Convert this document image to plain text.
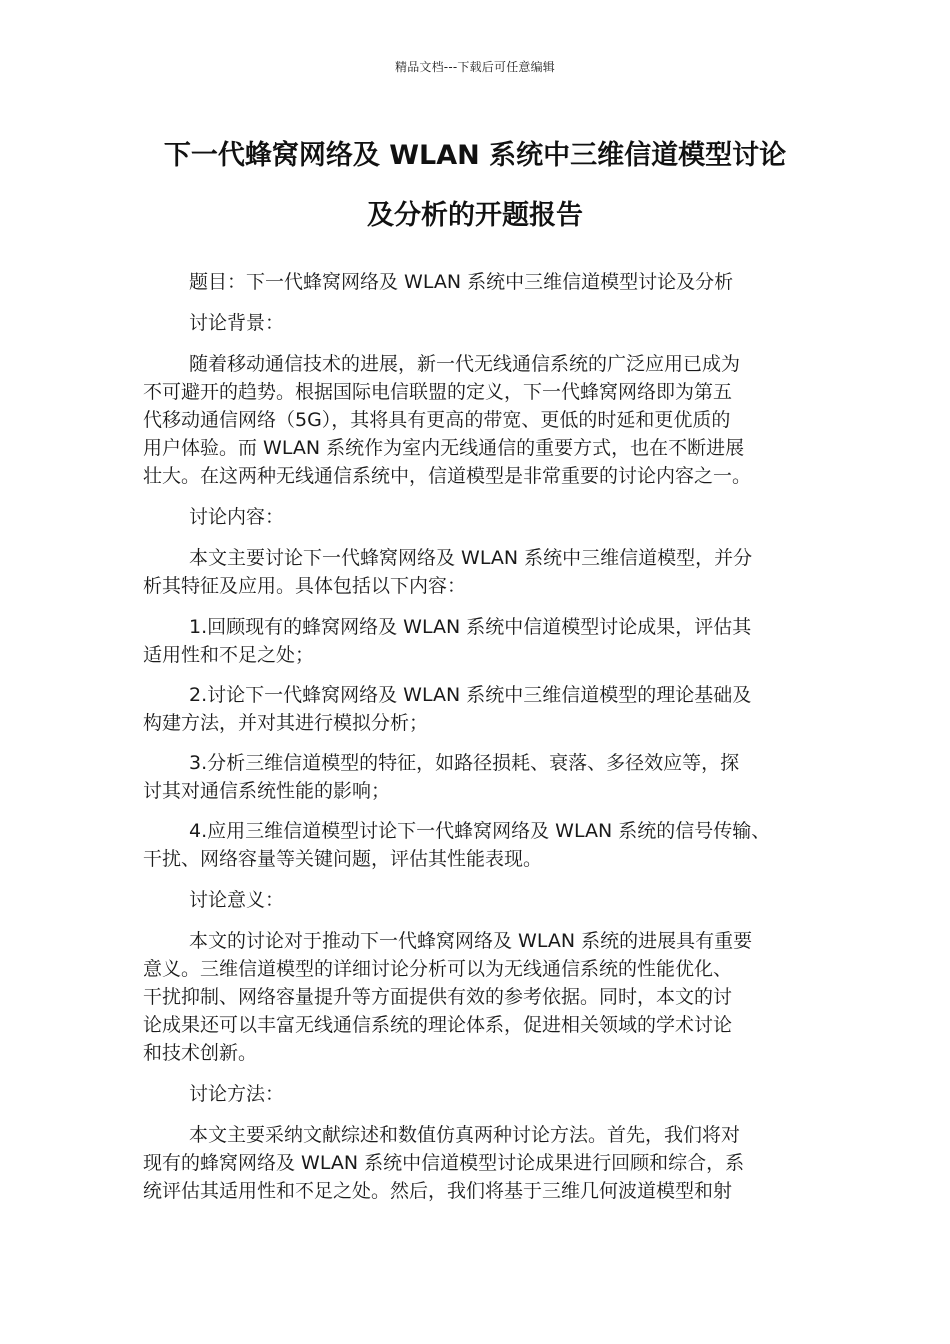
精品文档---下载后可任意编辑
下一代蜂窝网络及 WLAN 系统中三维信道模型讨论
及分析的开题报告

题目：下一代蜂窝网络及 WLAN 系统中三维信道模型讨论及分析

讨论背景：

随着移动通信技术的进展，新一代无线通信系统的广泛应用已成为
不可避开的趋势。根据国际电信联盟的定义，下一代蜂窝网络即为第五
代移动通信网络（5G），其将具有更高的带宽、更低的时延和更优质的
用户体验。而 WLAN 系统作为室内无线通信的重要方式，也在不断进展
壮大。在这两种无线通信系统中，信道模型是非常重要的讨论内容之一。

讨论内容：

本文主要讨论下一代蜂窝网络及 WLAN 系统中三维信道模型，并分
析其特征及应用。具体包括以下内容：

1.回顾现有的蜂窝网络及 WLAN 系统中信道模型讨论成果，评估其
适用性和不足之处；

2.讨论下一代蜂窝网络及 WLAN 系统中三维信道模型的理论基础及
构建方法，并对其进行模拟分析；

3.分析三维信道模型的特征，如路径损耗、衰落、多径效应等，探
讨其对通信系统性能的影响；

4.应用三维信道模型讨论下一代蜂窝网络及 WLAN 系统的信号传输、
干扰、网络容量等关键问题，评估其性能表现。

讨论意义：

本文的讨论对于推动下一代蜂窝网络及 WLAN 系统的进展具有重要
意义。三维信道模型的详细讨论分析可以为无线通信系统的性能优化、
干扰抑制、网络容量提升等方面提供有效的参考依据。同时，本文的讨
论成果还可以丰富无线通信系统的理论体系，促进相关领域的学术讨论
和技术创新。

讨论方法：

本文主要采纳文献综述和数值仿真两种讨论方法。首先，我们将对
现有的蜂窝网络及 WLAN 系统中信道模型讨论成果进行回顾和综合，系
统评估其适用性和不足之处。然后，我们将基于三维几何波道模型和射
